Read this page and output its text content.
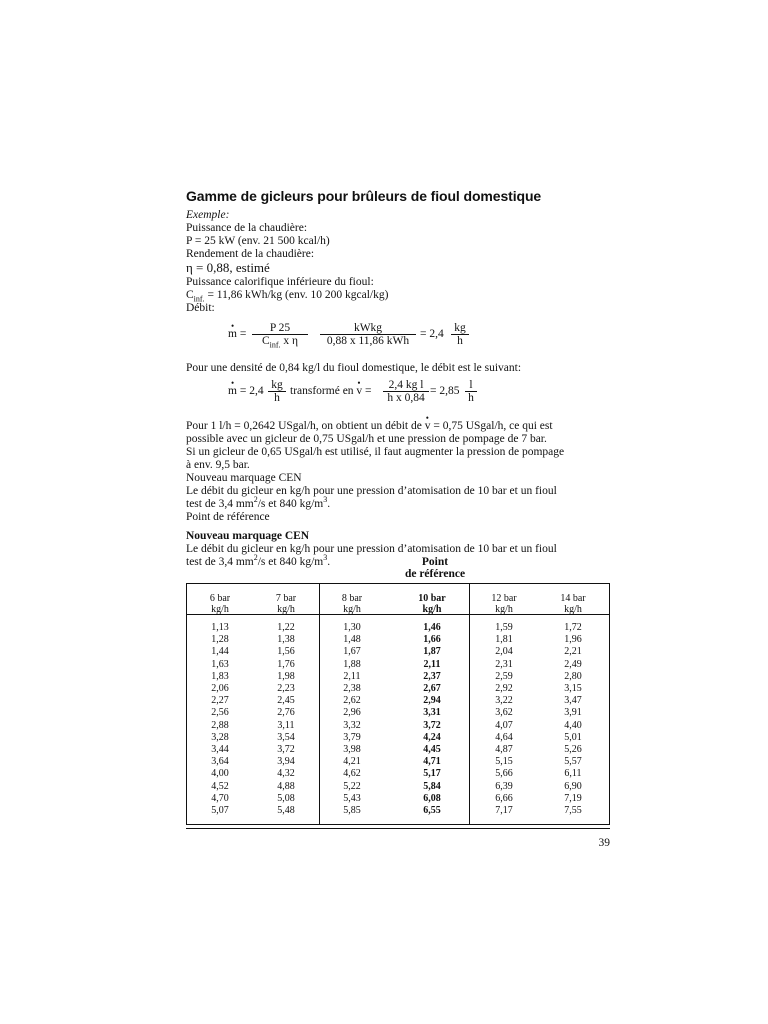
Gamme de gicleurs pour brûleurs de fioul domestique
Exemple:
Puissance de la chaudière:
P = 25 kW (env. 21 500 kcal/h)
Rendement de la chaudière:
η = 0,88, estimé
Puissance calorifique inférieure du fioul:
$C_{inf.} = 11,86$ kWh/kg (env. 10 200 kgcal/kg)
Débit:
• m =	P 25
$C_{inf.}$ x η
kWkg
0,88 x 11,86 kWh
= $2,4 \frac{kg}{h}$
Pour une densité de 0,84 kg/l du fioul domestique, le débit est le suivant:
• $m = 2,4 \frac{kg}{h}$ transformé en • $v = \frac{\text{2,4 kg l}}{\text{h x 0,84}} = 2,85 \frac{l}{h}$
Pour 1 l/h = 0,2642 USgal/h, on obtient un débit de • v = 0,75 USgal/h, ce qui est
possible avec un gicleur de 0,75 USgal/h et une pression de pompage de 7 bar.
Si un gicleur de 0,65 USgal/h est utilisé, il faut augmenter la pression de pompage
à env. 9,5 bar.
Nouveau marquage CEN
Le débit du gicleur en kg/h pour une pression d’atomisation de 10 bar et un fioul
test de 3,4 $mm^2/s$ et 840 $kg/m^3$.
Point de référence
Nouveau marquage CEN
Le débit du gicleur en kg/h pour une pression d’atomisation de 10 bar et un fioul
test de 3,4 $mm^2/s$ et 840 $kg/m^3$.	Point
de référence
6 bar
kg/h
1,13
1,28
1,44
1,63
1,83
2,06
2,27
2,56
2,88
3,28
3,44
3,64
4,00
4,52
4,70
5,07
7 bar
kg/h
1,22
1,38
1,56
1,76
1,98
2,23
2,45
2,76
3,11
3,54
3,72
3,94
4,32
4,88
5,08
5,48
8 bar
kg/h
1,30
1,48
1,67
1,88
2,11
2,38
2,62
2,96
3,32
3,79
3,98
4,21
4,62
5,22
5,43
5,85
10 bar
kg/h
1,46
1,66
1,87
2,11
2,37
2,67
2,94
3,31
3,72
4,24
4,45
4,71
5,17
5,84
6,08
6,55
12 bar
kg/h
1,59
1,81
2,04
2,31
2,59
2,92
3,22
3,62
4,07
4,64
4,87
5,15
5,66
6,39
6,66
7,17
14 bar
kg/h
1,72
1,96
2,21
2,49
2,80
3,15
3,47
3,91
4,40
5,01
5,26
5,57
6,11
6,90
7,19
7,55
39
